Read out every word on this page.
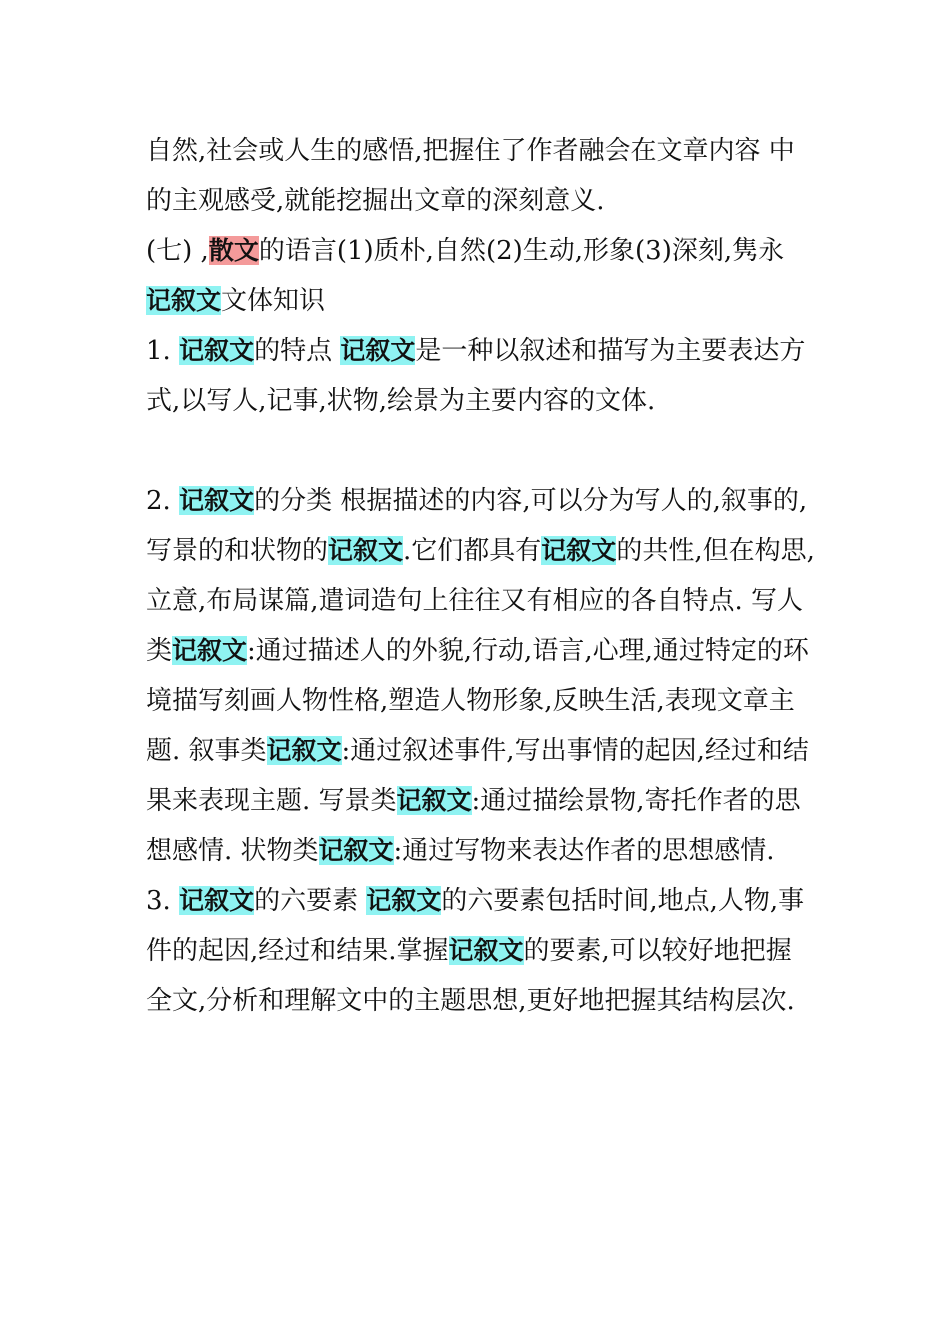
自然,社会或人生的感悟,把握住了作者融会在文章内容 中的主观感受,就能挖掘出文章的深刻意义.

(七) ,散文的语言(1)质朴,自然(2)生动,形象(3)深刻,隽永

记叙文文体知识

1. 记叙文的特点 记叙文是一种以叙述和描写为主要表达方式,以写人,记事,状物,绘景为主要内容的文体.

2. 记叙文的分类 根据描述的内容,可以分为写人的,叙事的,写景的和状物的记叙文.它们都具有记叙文的共性,但在构思,立意,布局谋篇,遣词造句上往往又有相应的各自特点. 写人类记叙文:通过描述人的外貌,行动,语言,心理,通过特定的环境描写刻画人物性格,塑造人物形象,反映生活,表现文章主题. 叙事类记叙文:通过叙述事件,写出事情的起因,经过和结果来表现主题. 写景类记叙文:通过描绘景物,寄托作者的思想感情. 状物类记叙文:通过写物来表达作者的思想感情.

3. 记叙文的六要素 记叙文的六要素包括时间,地点,人物,事件的起因,经过和结果.掌握记叙文的要素,可以较好地把握全文,分析和理解文中的主题思想,更好地把握其结构层次.
